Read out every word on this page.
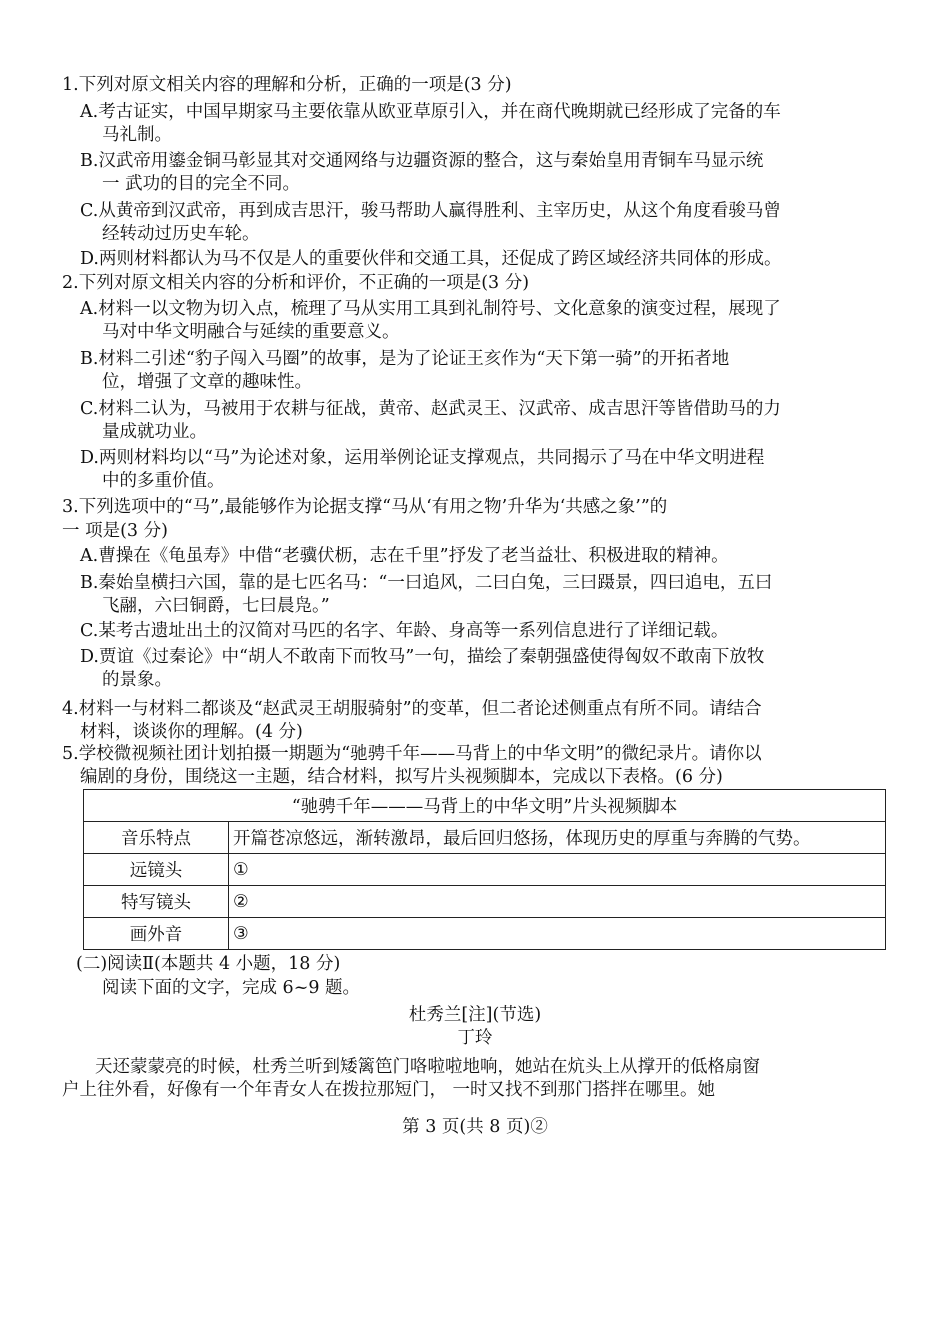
1.下列对原文相关内容的理解和分析，正确的一项是(3 分)
A.考古证实，中国早期家马主要依靠从欧亚草原引入，并在商代晚期就已经形成了完备的车
马礼制。
B.汉武帝用鎏金铜马彰显其对交通网络与边疆资源的整合，这与秦始皇用青铜车马显示统
一 武功的目的完全不同。
C.从黄帝到汉武帝，再到成吉思汗，骏马帮助人赢得胜利、主宰历史，从这个角度看骏马曾
经转动过历史车轮。
D.两则材料都认为马不仅是人的重要伙伴和交通工具，还促成了跨区域经济共同体的形成。
2.下列对原文相关内容的分析和评价，不正确的一项是(3 分)
A.材料一以文物为切入点，梳理了马从实用工具到礼制符号、文化意象的演变过程，展现了
马对中华文明融合与延续的重要意义。
B.材料二引述“豹子闯入马圈”的故事，是为了论证王亥作为“天下第一骑”的开拓者地
位，增强了文章的趣味性。
C.材料二认为，马被用于农耕与征战，黄帝、赵武灵王、汉武帝、成吉思汗等皆借助马的力
量成就功业。
D.两则材料均以“马”为论述对象，运用举例论证支撑观点，共同揭示了马在中华文明进程
中的多重价值。
3.下列选项中的“马”,最能够作为论据支撑“马从‘有用之物’升华为‘共感之象’”的
一 项是(3 分)
A.曹操在《龟虽寿》中借“老骥伏枥，志在千里”抒发了老当益壮、积极进取的精神。
B.秦始皇横扫六国，靠的是七匹名马：“一曰追风，二曰白兔，三曰蹑景，四曰追电，五曰
飞翮，六曰铜爵，七曰晨凫。”
C.某考古遗址出土的汉简对马匹的名字、年龄、身高等一系列信息进行了详细记载。
D.贾谊《过秦论》中“胡人不敢南下而牧马”一句，描绘了秦朝强盛使得匈奴不敢南下放牧
的景象。
4.材料一与材料二都谈及“赵武灵王胡服骑射”的变革，但二者论述侧重点有所不同。请结合
材料，谈谈你的理解。(4 分)
5.学校微视频社团计划拍摄一期题为“驰骋千年——马背上的中华文明”的微纪录片。请你以
编剧的身份，围绕这一主题，结合材料，拟写片头视频脚本，完成以下表格。(6 分)
“驰骋千年———马背上的中华文明”片头视频脚本	
音乐特点	开篇苍凉悠远，渐转激昂，最后回归悠扬，体现历史的厚重与奔腾的气势。
远镜头	①
特写镜头	②
画外音	③
(二)阅读Ⅱ(本题共 4 小题，18 分)
阅读下面的文字，完成 6~9 题。
杜秀兰[注](节选)
丁玲
天还蒙蒙亮的时候，杜秀兰听到矮篱笆门咯啦啦地响，她站在炕头上从撑开的低格扇窗
户上往外看，好像有一个年青女人在拨拉那短门， 一时又找不到那门搭拌在哪里。她
第 3 页(共 8 页)②
